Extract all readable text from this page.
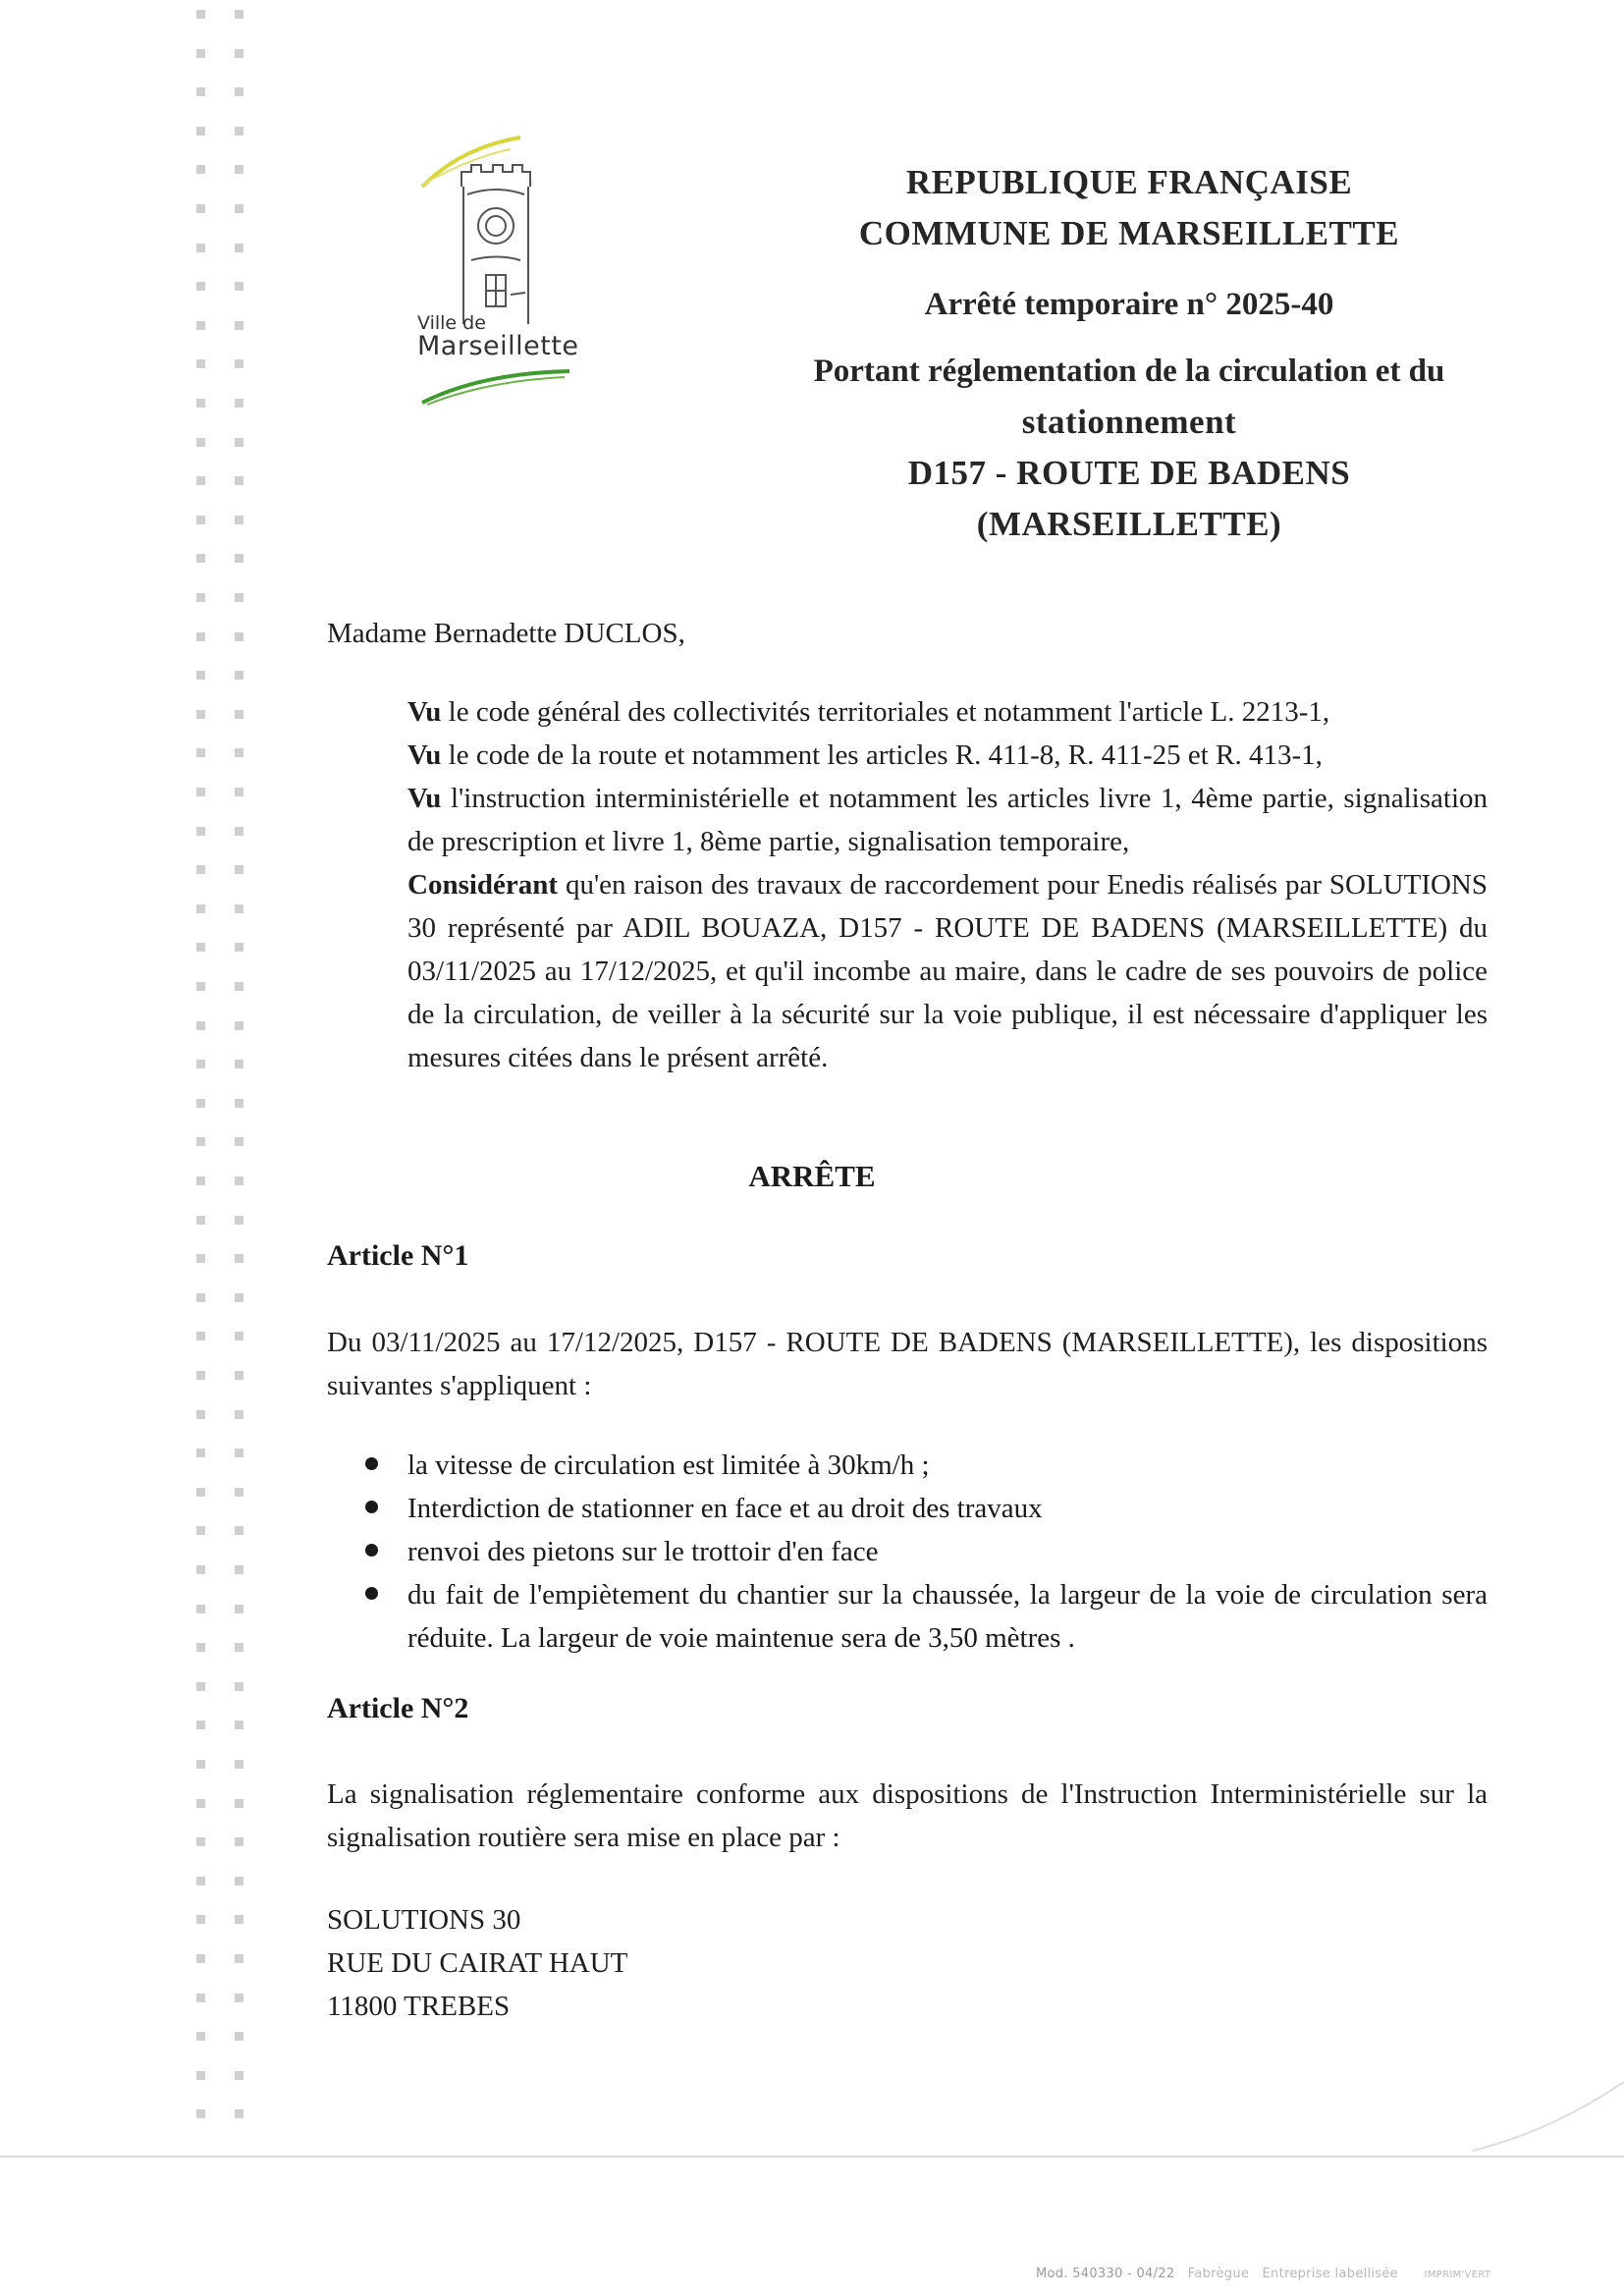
Ville de
Marseillette
REPUBLIQUE FRANÇAISE
COMMUNE DE MARSEILLETTE
Arrêté temporaire n° 2025-40
Portant réglementation de la circulation et du
stationnement
D157 - ROUTE DE BADENS
(MARSEILLETTE)
Madame Bernadette DUCLOS,

Vu le code général des collectivités territoriales et notamment l'article L. 2213-1,

Vu le code de la route et notamment les articles R. 411-8, R. 411-25 et R. 413-1,

Vu l'instruction interministérielle et notamment les articles livre 1, 4ème partie, signalisation de prescription et livre 1, 8ème partie, signalisation temporaire,

Considérant qu'en raison des travaux de raccordement pour Enedis réalisés par SOLUTIONS 30 représenté par ADIL BOUAZA, D157 - ROUTE DE BADENS (MARSEILLETTE) du 03/11/2025 au 17/12/2025, et qu'il incombe au maire, dans le cadre de ses pouvoirs de police de la circulation, de veiller à la sécurité sur la voie publique, il est nécessaire d'appliquer les mesures citées dans le présent arrêté.

ARRÊTE
Article N°1

Du 03/11/2025 au 17/12/2025, D157 - ROUTE DE BADENS (MARSEILLETTE), les dispositions suivantes s'appliquent :

la vitesse de circulation est limitée à 30km/h ;
Interdiction de stationner en face et au droit des travaux
renvoi des pietons sur le trottoir d'en face
du fait de l'empiètement du chantier sur la chaussée, la largeur de la voie de circulation sera réduite. La largeur de voie maintenue sera de 3,50 mètres .
Article N°2

La signalisation réglementaire conforme aux dispositions de l'Instruction Interministérielle sur la signalisation routière sera mise en place par :

SOLUTIONS 30
RUE DU CAIRAT HAUT
11800 TREBES
Mod. 540330 - 04/22 Fabrègue Entreprise labellisée	IMPRIM'VERT
